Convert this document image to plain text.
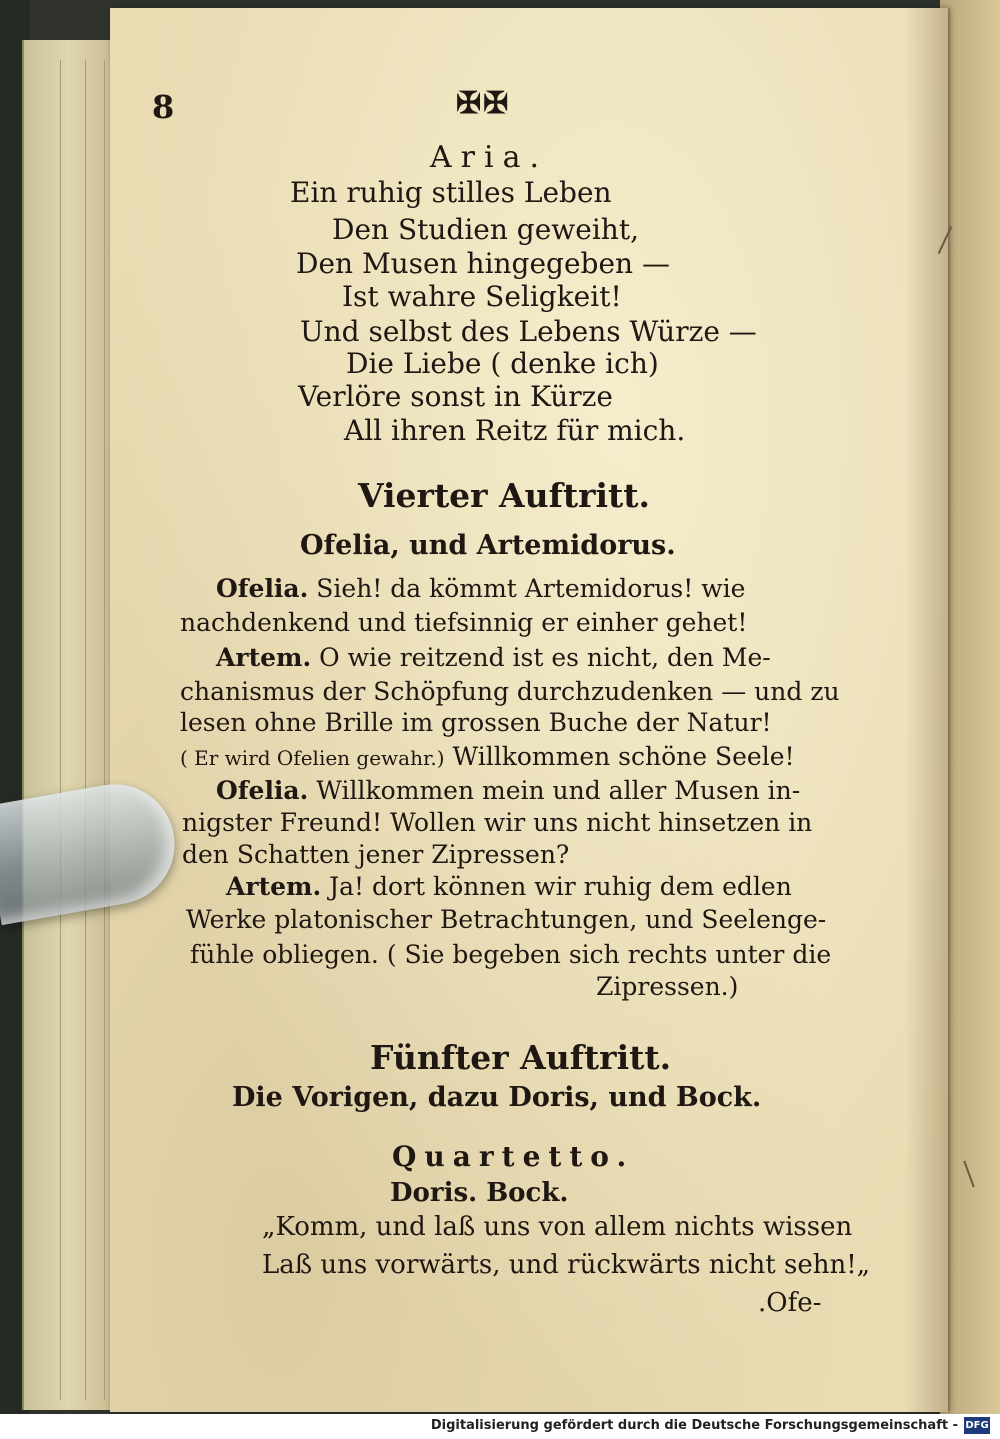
8	✠✠
Aria.
Ein ruhig stilles Leben
Den Studien geweiht,
Den Musen hingegeben —
Ist wahre Seligkeit!
Und selbst des Lebens Würze —
Die Liebe ( denke ich)
Verlöre sonst in Kürze
All ihren Reitz für mich.
Vierter Auftritt.
Ofelia, und Artemidorus.
Ofelia. Sieh! da kömmt Artemidorus! wie
nachdenkend und tiefsinnig er einher gehet!
Artem. O wie reitzend ist es nicht, den Me-
chanismus der Schöpfung durchzudenken — und zu
lesen ohne Brille im grossen Buche der Natur!
( Er wird Ofelien gewahr.) Willkommen schöne Seele!
Ofelia. Willkommen mein und aller Musen in-
nigster Freund! Wollen wir uns nicht hinsetzen in
den Schatten jener Zipressen?
Artem. Ja! dort können wir ruhig dem edlen
Werke platonischer Betrachtungen, und Seelenge-
fühle obliegen. ( Sie begeben sich rechts unter die
Zipressen.)
Fünfter Auftritt.
Die Vorigen, dazu Doris, und Bock.
Quartetto.
Doris. Bock.
„Komm, und laß uns von allem nichts wissen
Laß uns vorwärts, und rückwärts nicht sehn!„
.Ofe-
Digitalisierung gefördert durch die Deutsche Forschungsgemeinschaft - DFG
